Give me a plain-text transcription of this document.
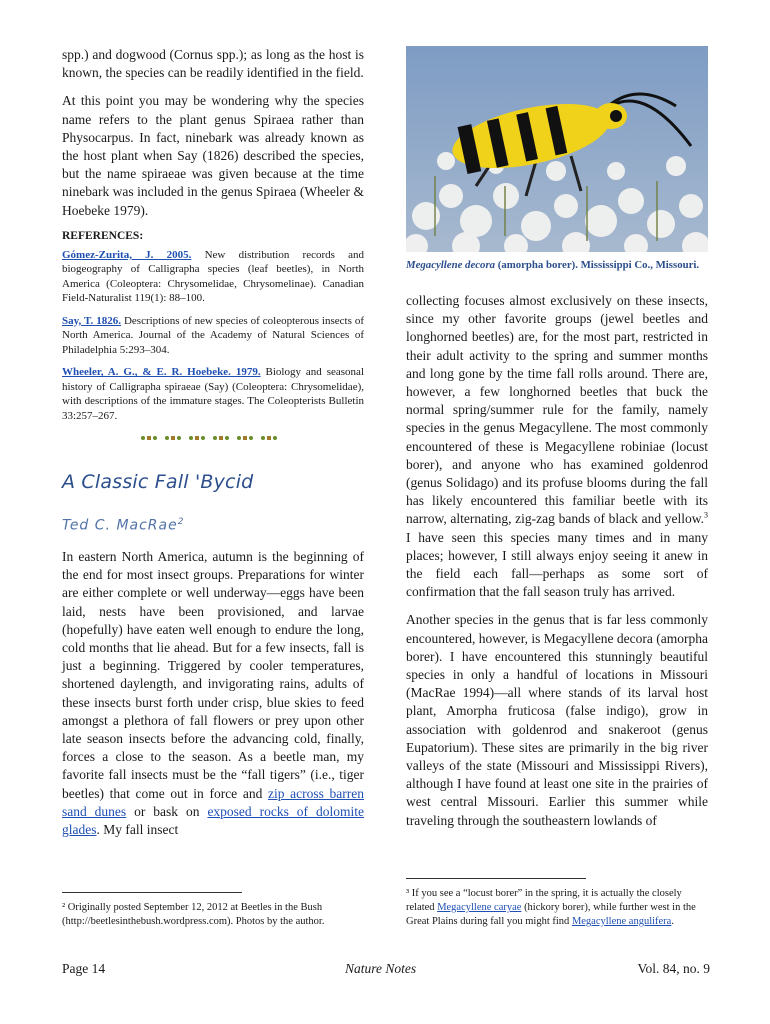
spp.) and dogwood (Cornus spp.); as long as the host is known, the species can be readily identified in the field.

At this point you may be wondering why the species name refers to the plant genus Spiraea rather than Physocarpus. In fact, ninebark was already known as the host plant when Say (1826) described the species, but the name spiraeae was given because at the time ninebark was included in the genus Spiraea (Wheeler & Hoebeke 1979).

REFERENCES:

Gómez-Zurita, J. 2005. New distribution records and biogeography of Calligrapha species (leaf beetles), in North America (Coleoptera: Chrysomelidae, Chrysomelinae). Canadian Field-Naturalist 119(1): 88–100.

Say, T. 1826. Descriptions of new species of coleopterous insects of North America. Journal of the Academy of Natural Sciences of Philadelphia 5:293–304.

Wheeler, A. G., & E. R. Hoebeke. 1979. Biology and seasonal history of Calligrapha spiraeae (Say) (Coleoptera: Chrysomelidae), with descriptions of the immature stages. The Coleopterists Bulletin 33:257–267.

A Classic Fall 'Bycid
Ted C. MacRae$^2$

In eastern North America, autumn is the beginning of the end for most insect groups. Preparations for winter are either complete or well underway—eggs have been laid, nests have been provisioned, and larvae (hopefully) have eaten well enough to endure the long, cold months that lie ahead. But for a few insects, fall is just a beginning. Triggered by cooler temperatures, shortened daylength, and invigorating rains, adults of these insects burst forth under crisp, blue skies to feed amongst a plethora of fall flowers or prey upon other late season insects before the advancing cold, finally, forces a close to the season. As a beetle man, my favorite fall insects must be the “fall tigers” (i.e., tiger beetles) that come out in force and zip across barren sand dunes or bask on exposed rocks of dolomite glades. My fall insect

² Originally posted September 12, 2012 at Beetles in the Bush (http://beetlesinthebush.wordpress.com). Photos by the author.

Megacyllene decora (amorpha borer). Mississippi Co., Missouri.

collecting focuses almost exclusively on these insects, since my other favorite groups (jewel beetles and longhorned beetles) are, for the most part, restricted in their adult activity to the spring and summer months and long gone by the time fall rolls around. There are, however, a few longhorned beetles that buck the normal spring/summer rule for the family, namely species in the genus Megacyllene. The most commonly encountered of these is Megacyllene robiniae (locust borer), and anyone who has examined goldenrod (genus Solidago) and its profuse blooms during the fall has likely encountered this familiar beetle with its narrow, alternating, zig-zag bands of black and yellow.$^3$ I have seen this species many times and in many places; however, I still always enjoy seeing it anew in the field each fall—perhaps as some sort of confirmation that the fall season truly has arrived.

Another species in the genus that is far less commonly encountered, however, is Megacyllene decora (amorpha borer). I have encountered this stunningly beautiful species in only a handful of locations in Missouri (MacRae 1994)—all where stands of its larval host plant, Amorpha fruticosa (false indigo), grow in association with goldenrod and snakeroot (genus Eupatorium). These sites are primarily in the big river valleys of the state (Missouri and Mississippi Rivers), although I have found at least one site in the prairies of west central Missouri. Earlier this summer while traveling through the southeastern lowlands of

³ If you see a “locust borer” in the spring, it is actually the closely related Megacyllene caryae (hickory borer), while further west in the Great Plains during fall you might find Megacyllene angulifera.

Page 14	Nature Notes	Vol. 84, no. 9
